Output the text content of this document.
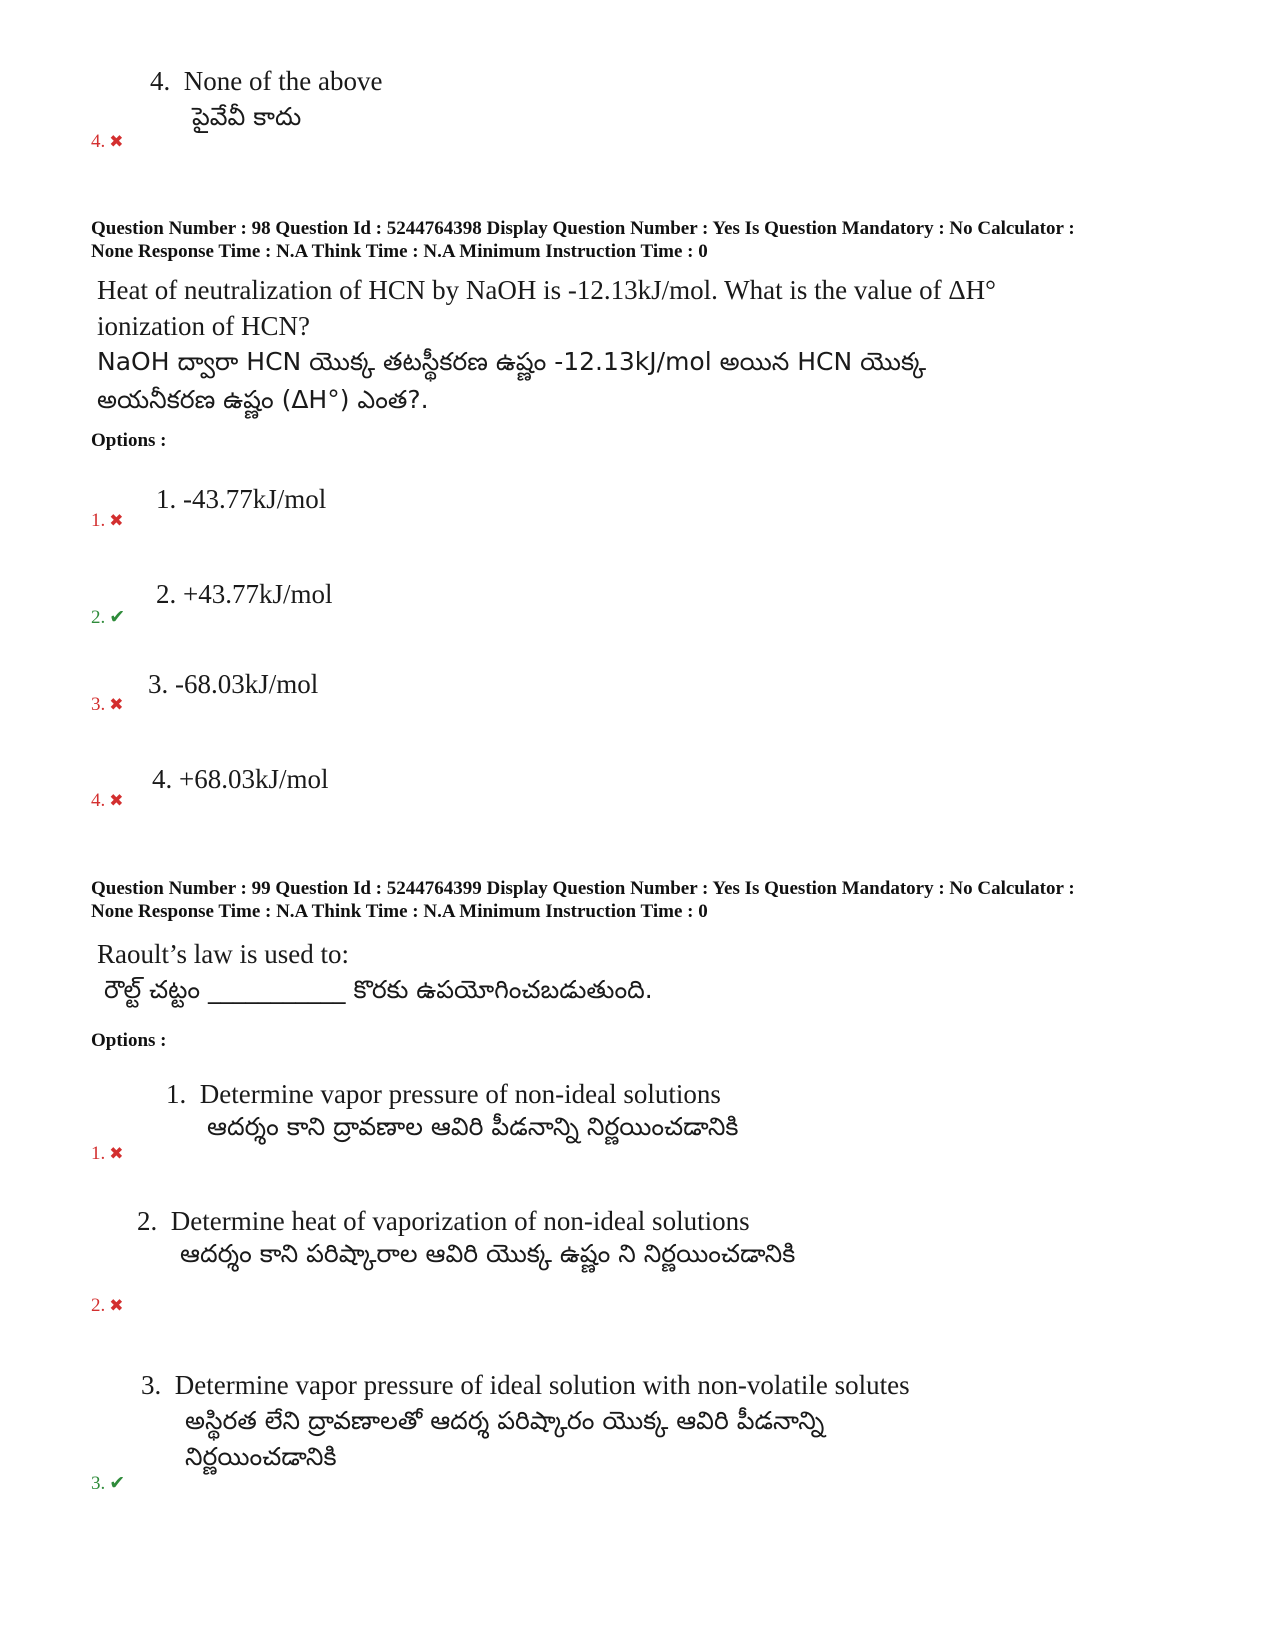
4. None of the above
పైవేవీ కాదు
4. ✖
Question Number : 98 Question Id : 5244764398 Display Question Number : Yes Is Question Mandatory : No Calculator :
None Response Time : N.A Think Time : N.A Minimum Instruction Time : 0
Heat of neutralization of HCN by NaOH is -12.13kJ/mol. What is the value of ΔH°
ionization of HCN?
NaOH ద్వారా HCN యొక్క తటస్థీకరణ ఉష్ణం -12.13kJ/mol అయిన HCN యొక్క
అయనీకరణ ఉష్ణం (ΔH°) ఎంత?.
Options :
1. -43.77kJ/mol
1. ✖
2. +43.77kJ/mol
2. ✔
3. -68.03kJ/mol
3. ✖
4. +68.03kJ/mol
4. ✖
Question Number : 99 Question Id : 5244764399 Display Question Number : Yes Is Question Mandatory : No Calculator :
None Response Time : N.A Think Time : N.A Minimum Instruction Time : 0
Raoult’s law is used to:
రౌల్ట్ చట్టం ___________ కొరకు ఉపయోగించబడుతుంది.
Options :
1. Determine vapor pressure of non-ideal solutions
ఆదర్శం కాని ద్రావణాల ఆవిరి పీడనాన్ని నిర్ణయించడానికి
1. ✖
2. Determine heat of vaporization of non-ideal solutions
ఆదర్శం కాని పరిష్కారాల ఆవిరి యొక్క ఉష్ణం ని నిర్ణయించడానికి
2. ✖
3. Determine vapor pressure of ideal solution with non-volatile solutes
అస్థిరత లేని ద్రావణాలతో ఆదర్శ పరిష్కారం యొక్క ఆవిరి పీడనాన్ని
నిర్ణయించడానికి
3. ✔
